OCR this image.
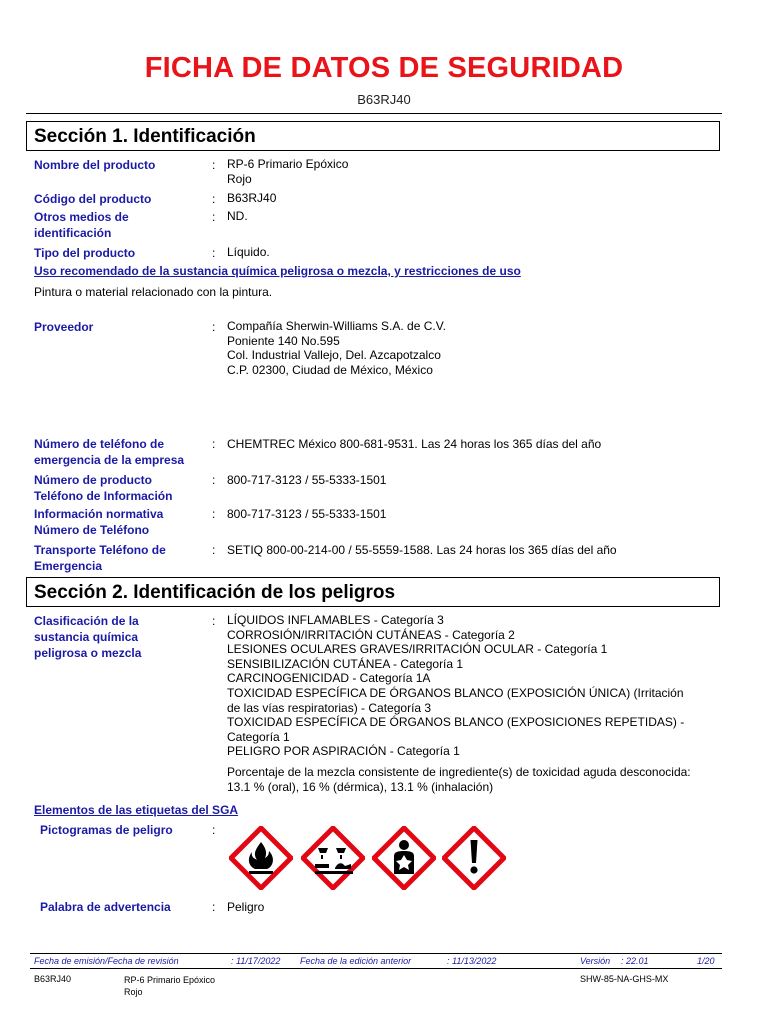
FICHA DE DATOS DE SEGURIDAD
B63RJ40
Sección 1. Identificación
Nombre del producto	: RP-6 Primario Epóxico
Rojo
Código del producto	: B63RJ40
Otros medios de
identificación
: ND.
Tipo del producto	: Líquido.
Uso recomendado de la sustancia química peligrosa o mezcla, y restricciones de uso
Pintura o material relacionado con la pintura.
Proveedor	: Compañía Sherwin-Williams S.A. de C.V.
Poniente 140 No.595
Col. Industrial Vallejo, Del. Azcapotzalco
C.P. 02300, Ciudad de México, México
Número de teléfono de
emergencia de la empresa
: CHEMTREC México 800-681-9531. Las 24 horas los 365 días del año
Número de producto
Teléfono de Información
: 800-717-3123 / 55-5333-1501
Información normativa
Número de Teléfono
: 800-717-3123 / 55-5333-1501
Transporte Teléfono de
Emergencia
: SETIQ 800-00-214-00 / 55-5559-1588. Las 24 horas los 365 días del año
Sección 2. Identificación de los peligros
Clasificación de la
sustancia química
peligrosa o mezcla
: LÍQUIDOS INFLAMABLES - Categoría 3
CORROSIÓN/IRRITACIÓN CUTÁNEAS - Categoría 2
LESIONES OCULARES GRAVES/IRRITACIÓN OCULAR - Categoría 1
SENSIBILIZACIÓN CUTÁNEA - Categoría 1
CARCINOGENICIDAD - Categoría 1A
TOXICIDAD ESPECÍFICA DE ÓRGANOS BLANCO (EXPOSICIÓN ÚNICA) (Irritación
de las vías respiratorias) - Categoría 3
TOXICIDAD ESPECÍFICA DE ÓRGANOS BLANCO (EXPOSICIONES REPETIDAS) -
Categoría 1
PELIGRO POR ASPIRACIÓN - Categoría 1
Porcentaje de la mezcla consistente de ingrediente(s) de toxicidad aguda desconocida:
13.1 % (oral), 16 % (dérmica), 13.1 % (inhalación)
Elementos de las etiquetas del SGA
Pictogramas de peligro	:
Palabra de advertencia	: Peligro
Fecha de emisión/Fecha de revisión	: 11/17/2022 Fecha de la edición anterior	: 11/13/2022	Versión : 22.01	1/20
B63RJ40	RP-6 Primario Epóxico
Rojo
SHW-85-NA-GHS-MX
